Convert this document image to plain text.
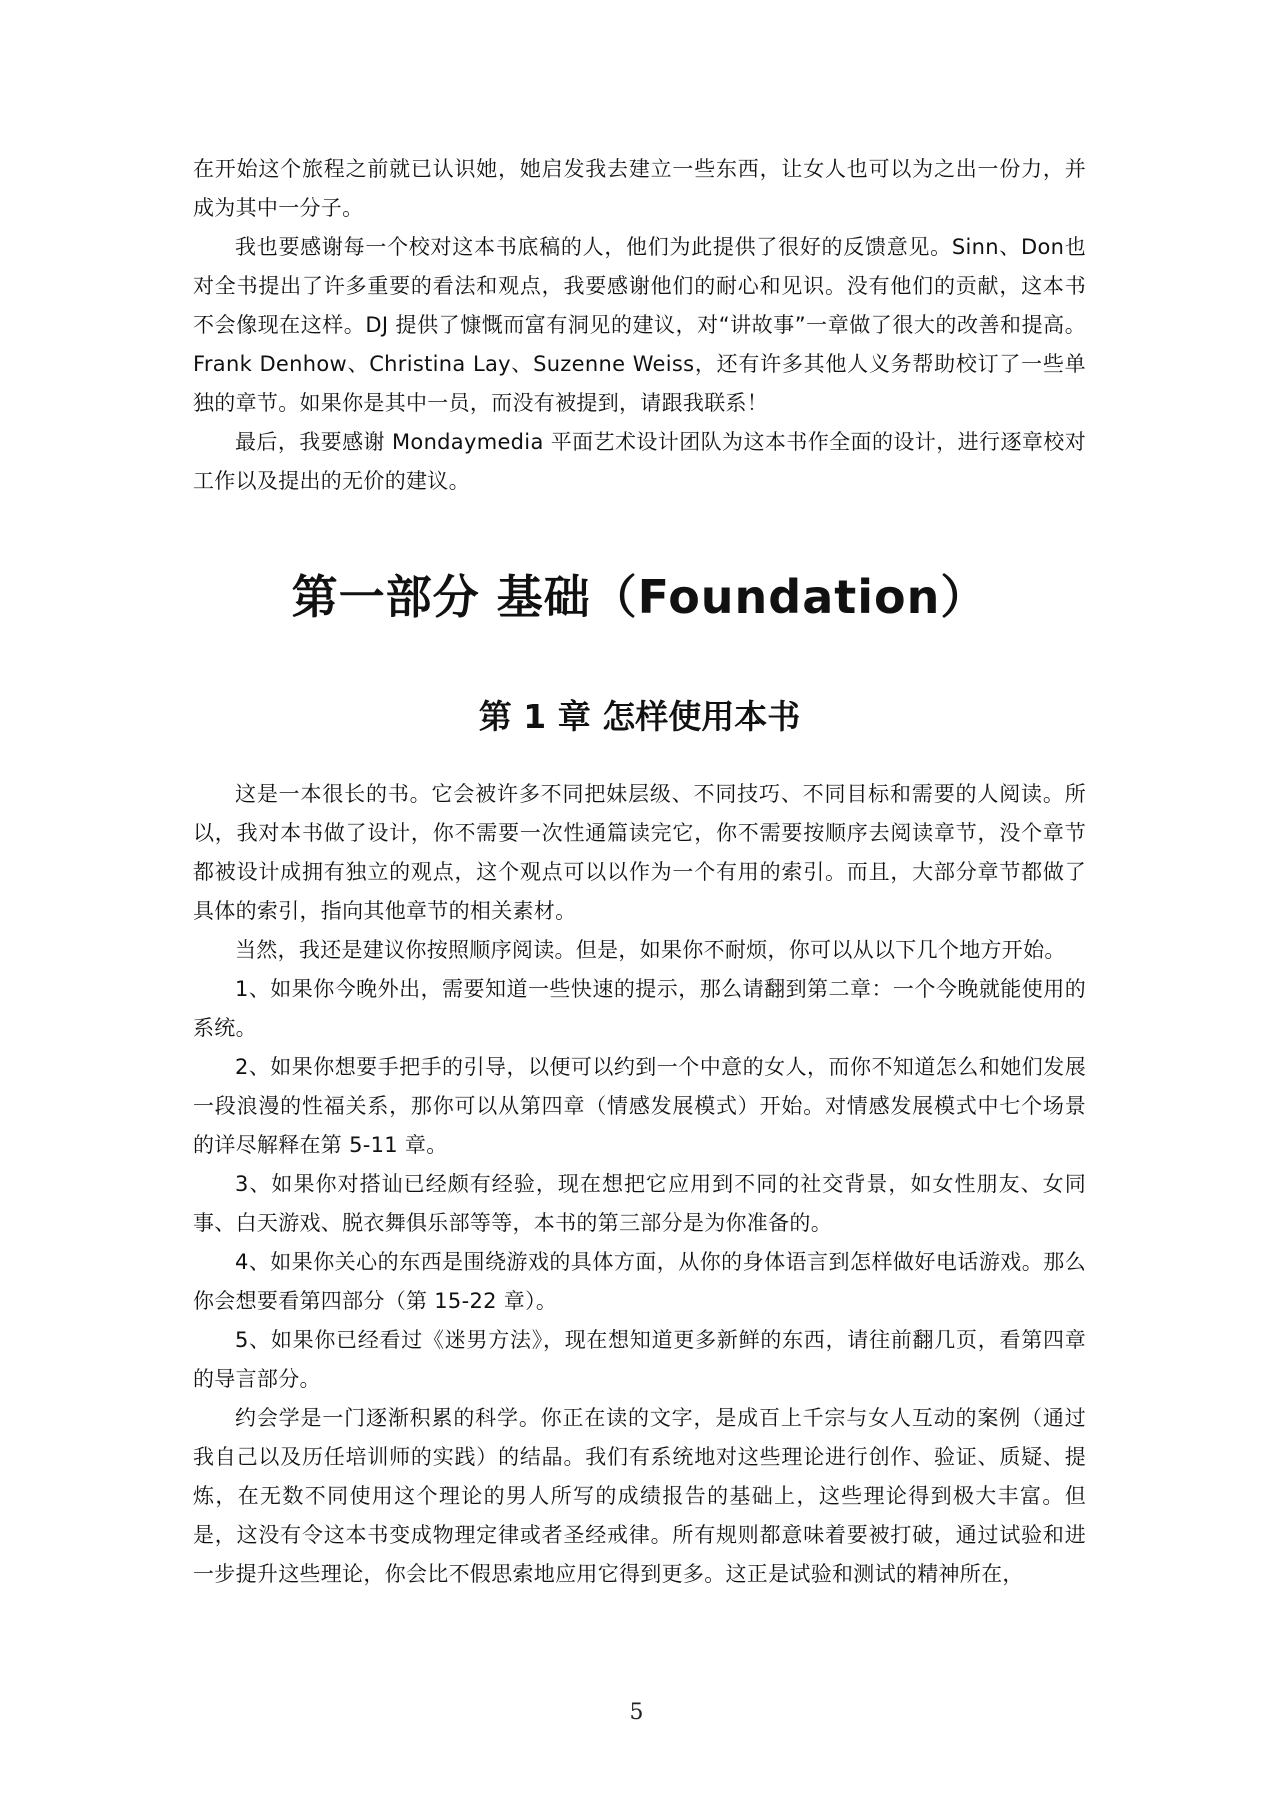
在开始这个旅程之前就已认识她，她启发我去建立一些东西，让女人也可以为之出一份力，并成为其中一分子。

我也要感谢每一个校对这本书底稿的人，他们为此提供了很好的反馈意见。Sinn、Don也对全书提出了许多重要的看法和观点，我要感谢他们的耐心和见识。没有他们的贡献，这本书不会像现在这样。DJ 提供了慷慨而富有洞见的建议，对“讲故事”一章做了很大的改善和提高。Frank Denhow、Christina Lay、Suzenne Weiss，还有许多其他人义务帮助校订了一些单独的章节。如果你是其中一员，而没有被提到，请跟我联系！

最后，我要感谢 Mondaymedia 平面艺术设计团队为这本书作全面的设计，进行逐章校对工作以及提出的无价的建议。

第一部分 基础（Foundation）
第 1 章 怎样使用本书

这是一本很长的书。它会被许多不同把妹层级、不同技巧、不同目标和需要的人阅读。所以，我对本书做了设计，你不需要一次性通篇读完它，你不需要按顺序去阅读章节，没个章节都被设计成拥有独立的观点，这个观点可以以作为一个有用的索引。而且，大部分章节都做了具体的索引，指向其他章节的相关素材。

当然，我还是建议你按照顺序阅读。但是，如果你不耐烦，你可以从以下几个地方开始。

1、如果你今晚外出，需要知道一些快速的提示，那么请翻到第二章：一个今晚就能使用的系统。

2、如果你想要手把手的引导，以便可以约到一个中意的女人，而你不知道怎么和她们发展一段浪漫的性福关系，那你可以从第四章（情感发展模式）开始。对情感发展模式中七个场景的详尽解释在第 5-11 章。

3、如果你对搭讪已经颇有经验，现在想把它应用到不同的社交背景，如女性朋友、女同事、白天游戏、脱衣舞俱乐部等等，本书的第三部分是为你准备的。

4、如果你关心的东西是围绕游戏的具体方面，从你的身体语言到怎样做好电话游戏。那么你会想要看第四部分（第 15-22 章）。

5、如果你已经看过《迷男方法》，现在想知道更多新鲜的东西，请往前翻几页，看第四章的导言部分。

约会学是一门逐渐积累的科学。你正在读的文字，是成百上千宗与女人互动的案例（通过我自己以及历任培训师的实践）的结晶。我们有系统地对这些理论进行创作、验证、质疑、提炼，在无数不同使用这个理论的男人所写的成绩报告的基础上，这些理论得到极大丰富。但是，这没有令这本书变成物理定律或者圣经戒律。所有规则都意味着要被打破，通过试验和进一步提升这些理论，你会比不假思索地应用它得到更多。这正是试验和测试的精神所在，

5
